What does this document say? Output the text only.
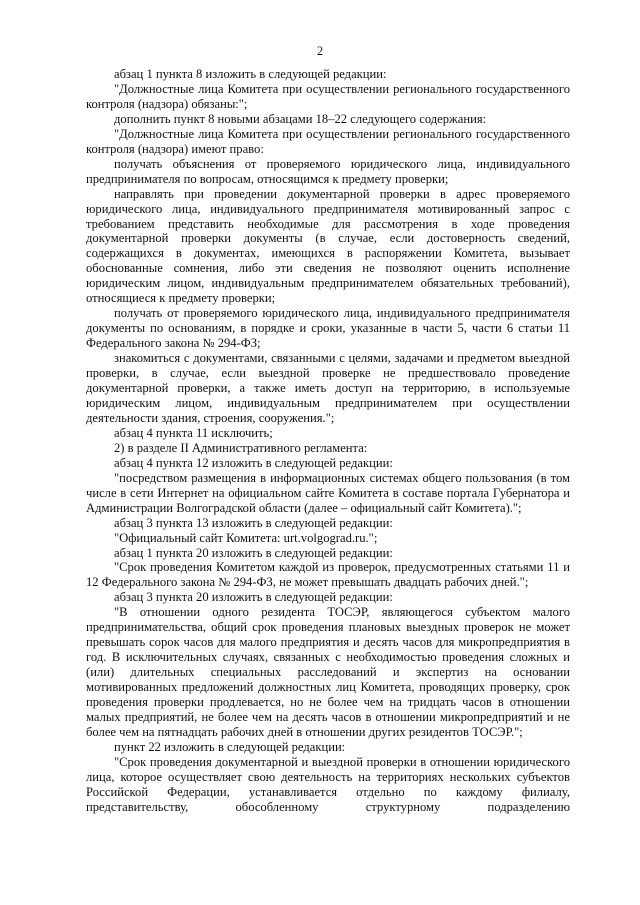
2

абзац 1 пункта 8 изложить в следующей редакции:

"Должностные лица Комитета при осуществлении регионального государственного контроля (надзора) обязаны:";

дополнить пункт 8 новыми абзацами 18–22 следующего содержания:

"Должностные лица Комитета при осуществлении регионального государственного контроля (надзора) имеют право:

получать объяснения от проверяемого юридического лица, индивидуального предпринимателя по вопросам, относящимся к предмету проверки;

направлять при проведении документарной проверки в адрес проверяемого юридического лица, индивидуального предпринимателя мотивированный запрос с требованием представить необходимые для рассмотрения в ходе проведения документарной проверки документы (в случае, если достоверность сведений, содержащихся в документах, имеющихся в распоряжении Комитета, вызывает обоснованные сомнения, либо эти сведения не позволяют оценить исполнение юридическим лицом, индивидуальным предпринимателем обязательных требований), относящиеся к предмету проверки;

получать от проверяемого юридического лица, индивидуального предпринимателя документы по основаниям, в порядке и сроки, указанные в части 5, части 6 статьи 11 Федерального закона № 294-ФЗ;

знакомиться с документами, связанными с целями, задачами и предметом выездной проверки, в случае, если выездной проверке не предшествовало проведение документарной проверки, а также иметь доступ на территорию, в используемые юридическим лицом, индивидуальным предпринимателем при осуществлении деятельности здания, строения, сооружения.";

абзац 4 пункта 11 исключить;

2) в разделе II Административного регламента:

абзац 4 пункта 12 изложить в следующей редакции:

"посредством размещения в информационных системах общего пользования (в том числе в сети Интернет на официальном сайте Комитета в составе портала Губернатора и Администрации Волгоградской области (далее – официальный сайт Комитета).";

абзац 3 пункта 13 изложить в следующей редакции:

"Официальный сайт Комитета: urt.volgograd.ru.";

абзац 1 пункта 20 изложить в следующей редакции:

"Срок проведения Комитетом каждой из проверок, предусмотренных статьями 11 и 12 Федерального закона № 294-ФЗ, не может превышать двадцать рабочих дней.";

абзац 3 пункта 20 изложить в следующей редакции:

"В отношении одного резидента ТОСЭР, являющегося субъектом малого предпринимательства, общий срок проведения плановых выездных проверок не может превышать сорок часов для малого предприятия и десять часов для микропредприятия в год. В исключительных случаях, связанных с необходимостью проведения сложных и (или) длительных специальных расследований и экспертиз на основании мотивированных предложений должностных лиц Комитета, проводящих проверку, срок проведения проверки продлевается, но не более чем на тридцать часов в отношении малых предприятий, не более чем на десять часов в отношении микропредприятий и не более чем на пятнадцать рабочих дней в отношении других резидентов ТОСЭР.";

пункт 22 изложить в следующей редакции:

"Срок проведения документарной и выездной проверки в отношении юридического лица, которое осуществляет свою деятельность на территориях нескольких субъектов Российской Федерации, устанавливается отдельно по каждому филиалу, представительству, обособленному структурному подразделению
